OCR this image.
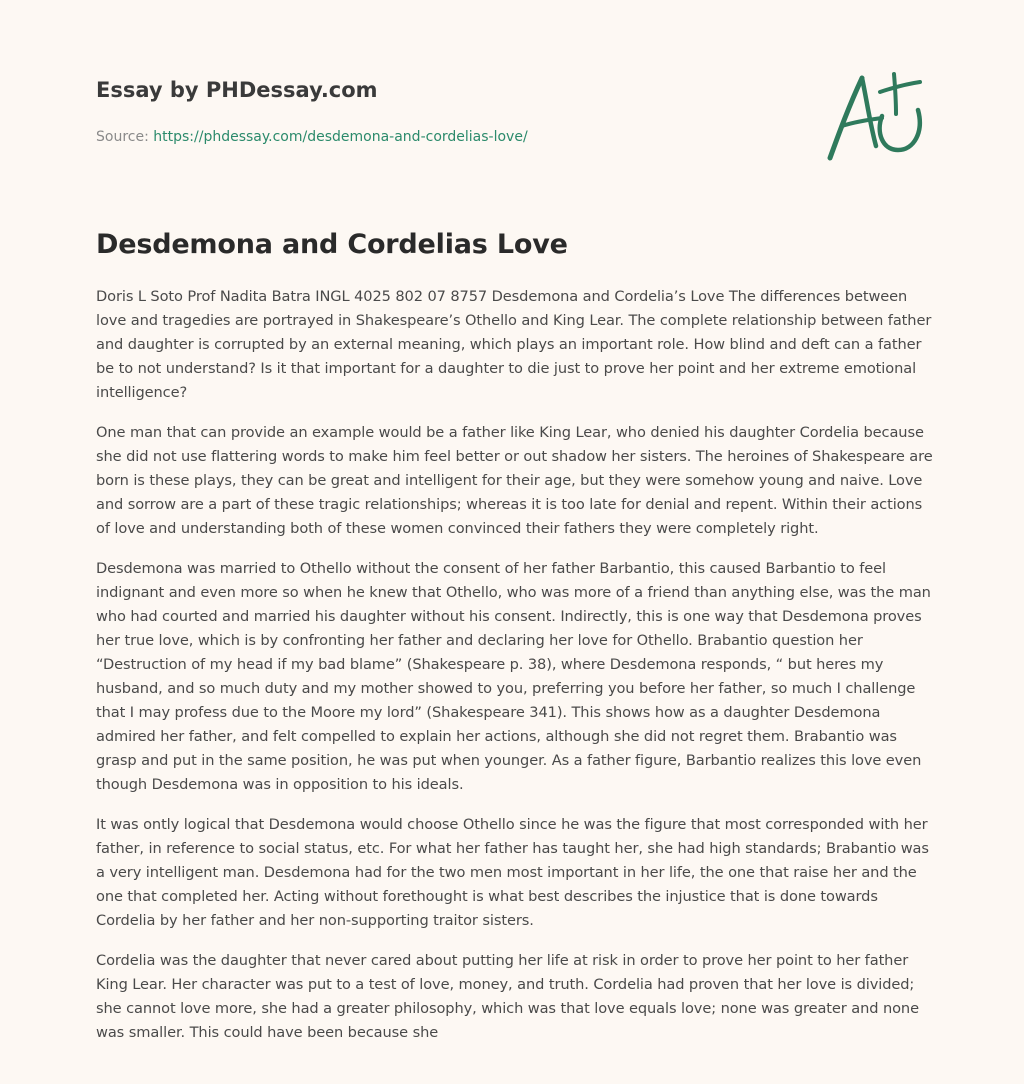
Essay by PHDessay.com
Source: https://phdessay.com/desdemona-and-cordelias-love/
Desdemona and Cordelias Love

Doris L Soto Prof Nadita Batra INGL 4025 802 07 8757 Desdemona and Cordelia’s Love The differences between love and tragedies are portrayed in Shakespeare’s Othello and King Lear. The complete relationship between father and daughter is corrupted by an external meaning, which plays an important role. How blind and deft can a father be to not understand? Is it that important for a daughter to die just to prove her point and her extreme emotional intelligence?

One man that can provide an example would be a father like King Lear, who denied his daughter Cordelia because she did not use flattering words to make him feel better or out shadow her sisters. The heroines of Shakespeare are born is these plays, they can be great and intelligent for their age, but they were somehow young and naive. Love and sorrow are a part of these tragic relationships; whereas it is too late for denial and repent. Within their actions of love and understanding both of these women convinced their fathers they were completely right.

Desdemona was married to Othello without the consent of her father Barbantio, this caused Barbantio to feel indignant and even more so when he knew that Othello, who was more of a friend than anything else, was the man who had courted and married his daughter without his consent. Indirectly, this is one way that Desdemona proves her true love, which is by confronting her father and declaring her love for Othello. Brabantio question her “Destruction of my head if my bad blame” (Shakespeare p. 38), where Desdemona responds, “ but heres my husband, and so much duty and my mother showed to you, preferring you before her father, so much I challenge that I may profess due to the Moore my lord” (Shakespeare 341). This shows how as a daughter Desdemona admired her father, and felt compelled to explain her actions, although she did not regret them. Brabantio was grasp and put in the same position, he was put when younger. As a father figure, Barbantio realizes this love even though Desdemona was in opposition to his ideals.

It was ontly logical that Desdemona would choose Othello since he was the figure that most corresponded with her father, in reference to social status, etc. For what her father has taught her, she had high standards; Brabantio was a very intelligent man. Desdemona had for the two men most important in her life, the one that raise her and the one that completed her. Acting without forethought is what best describes the injustice that is done towards Cordelia by her father and her non-supporting traitor sisters.

Cordelia was the daughter that never cared about putting her life at risk in order to prove her point to her father King Lear. Her character was put to a test of love, money, and truth. Cordelia had proven that her love is divided; she cannot love more, she had a greater philosophy, which was that love equals love; none was greater and none was smaller. This could have been because she
